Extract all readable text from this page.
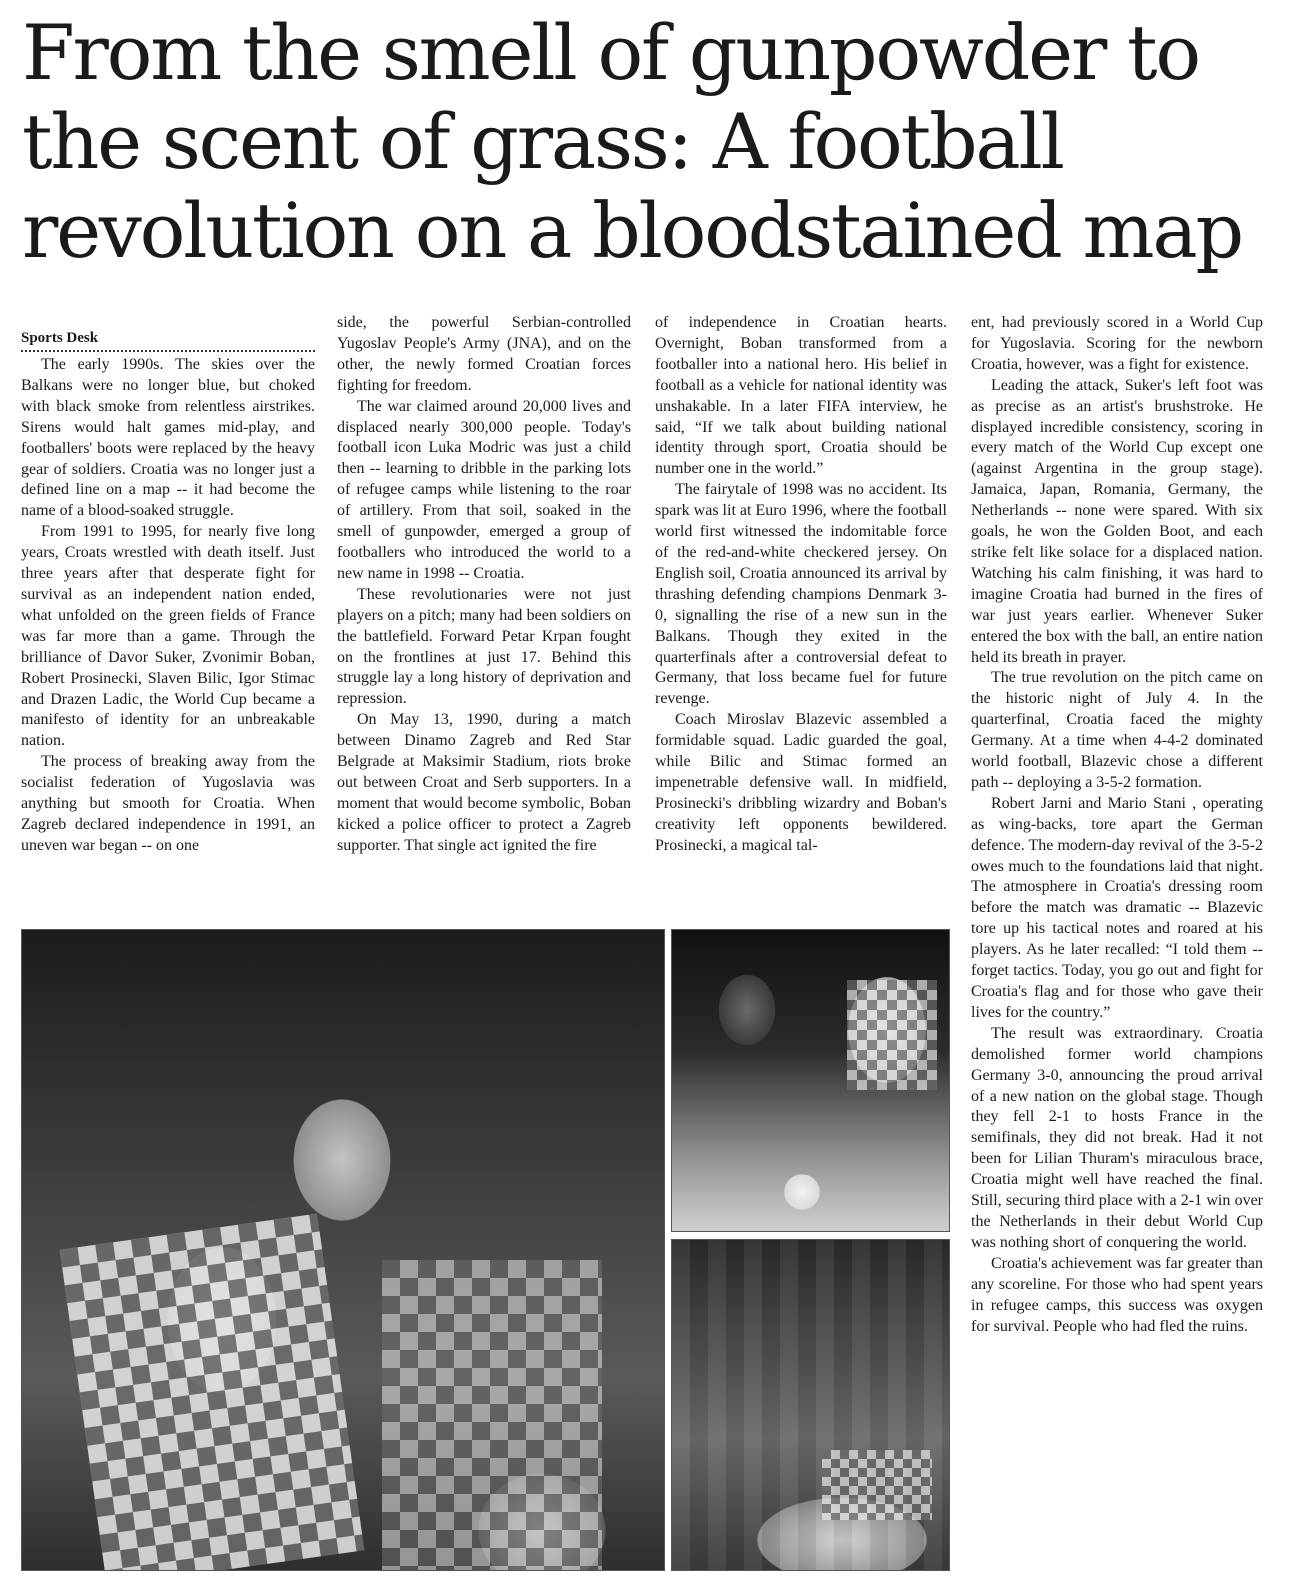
From the smell of gunpowder to the scent of grass: A football revolution on a bloodstained map
Sports Desk

The early 1990s. The skies over the Balkans were no longer blue, but choked with black smoke from relentless airstrikes. Sirens would halt games mid-play, and footballers' boots were replaced by the heavy gear of soldiers. Croatia was no longer just a defined line on a map -- it had become the name of a blood-soaked struggle.

From 1991 to 1995, for nearly five long years, Croats wrestled with death itself. Just three years after that desperate fight for survival as an independent nation ended, what unfolded on the green fields of France was far more than a game. Through the brilliance of Davor Suker, Zvonimir Boban, Robert Prosinecki, Slaven Bilic, Igor Stimac and Drazen Ladic, the World Cup became a manifesto of identity for an unbreakable nation.

The process of breaking away from the socialist federation of Yugoslavia was anything but smooth for Croatia. When Zagreb declared independence in 1991, an uneven war began -- on one

side, the powerful Serbian-controlled Yugoslav People's Army (JNA), and on the other, the newly formed Croatian forces fighting for freedom.

The war claimed around 20,000 lives and displaced nearly 300,000 people. Today's football icon Luka Modric was just a child then -- learning to dribble in the parking lots of refugee camps while listening to the roar of artillery. From that soil, soaked in the smell of gunpowder, emerged a group of footballers who introduced the world to a new name in 1998 -- Croatia.

These revolutionaries were not just players on a pitch; many had been soldiers on the battlefield. Forward Petar Krpan fought on the frontlines at just 17. Behind this struggle lay a long history of deprivation and repression.

On May 13, 1990, during a match between Dinamo Zagreb and Red Star Belgrade at Maksimir Stadium, riots broke out between Croat and Serb supporters. In a moment that would become symbolic, Boban kicked a police officer to protect a Zagreb supporter. That single act ignited the fire

of independence in Croatian hearts. Overnight, Boban transformed from a footballer into a national hero. His belief in football as a vehicle for national identity was unshakable. In a later FIFA interview, he said, “If we talk about building national identity through sport, Croatia should be number one in the world.”

The fairytale of 1998 was no accident. Its spark was lit at Euro 1996, where the football world first witnessed the indomitable force of the red-and-white checkered jersey. On English soil, Croatia announced its arrival by thrashing defending champions Denmark 3-0, signalling the rise of a new sun in the Balkans. Though they exited in the quarterfinals after a controversial defeat to Germany, that loss became fuel for future revenge.

Coach Miroslav Blazevic assembled a formidable squad. Ladic guarded the goal, while Bilic and Stimac formed an impenetrable defensive wall. In midfield, Prosinecki's dribbling wizardry and Boban's creativity left opponents bewildered. Prosinecki, a magical tal-

ent, had previously scored in a World Cup for Yugoslavia. Scoring for the newborn Croatia, however, was a fight for existence.

Leading the attack, Suker's left foot was as precise as an artist's brushstroke. He displayed incredible consistency, scoring in every match of the World Cup except one (against Argentina in the group stage). Jamaica, Japan, Romania, Germany, the Netherlands -- none were spared. With six goals, he won the Golden Boot, and each strike felt like solace for a displaced nation. Watching his calm finishing, it was hard to imagine Croatia had burned in the fires of war just years earlier. Whenever Suker entered the box with the ball, an entire nation held its breath in prayer.

The true revolution on the pitch came on the historic night of July 4. In the quarterfinal, Croatia faced the mighty Germany. At a time when 4-4-2 dominated world football, Blazevic chose a different path -- deploying a 3-5-2 formation.

Robert Jarni and Mario Stani , operating as wing-backs, tore apart the German defence. The modern-day revival of the 3-5-2 owes much to the foundations laid that night. The atmosphere in Croatia's dressing room before the match was dramatic -- Blazevic tore up his tactical notes and roared at his players. As he later recalled: “I told them -- forget tactics. Today, you go out and fight for Croatia's flag and for those who gave their lives for the country.”

The result was extraordinary. Croatia demolished former world champions Germany 3-0, announcing the proud arrival of a new nation on the global stage. Though they fell 2-1 to hosts France in the semifinals, they did not break. Had it not been for Lilian Thuram's miraculous brace, Croatia might well have reached the final. Still, securing third place with a 2-1 win over the Netherlands in their debut World Cup was nothing short of conquering the world.

Croatia's achievement was far greater than any scoreline. For those who had spent years in refugee camps, this success was oxygen for survival. People who had fled the ruins.
